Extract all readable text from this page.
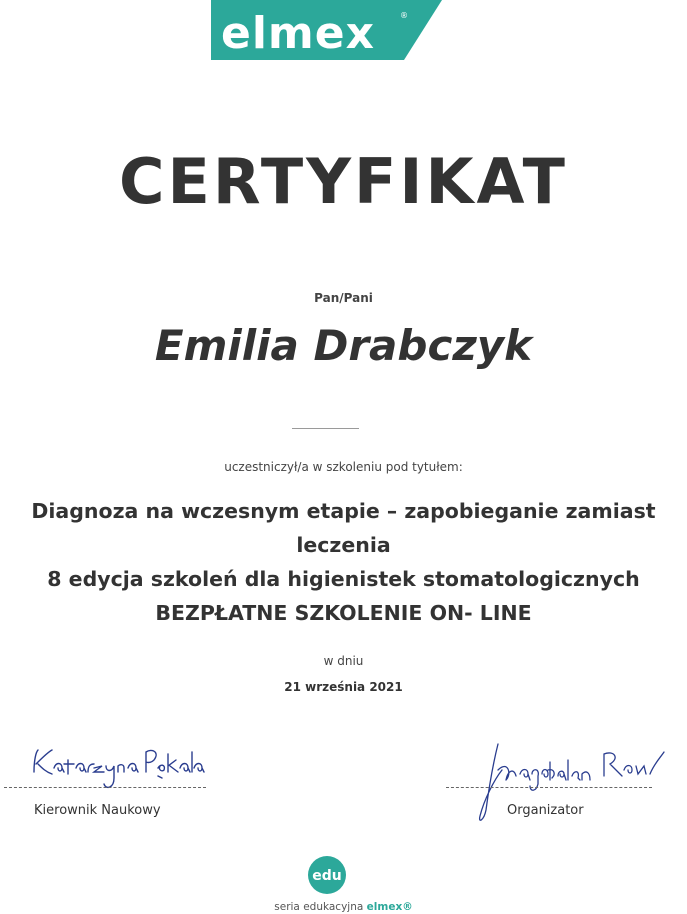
elmex	®
CERTYFIKAT
Pan/Pani
Emilia Drabczyk
uczestniczył/a w szkoleniu pod tytułem:
Diagnoza na wczesnym etapie – zapobieganie zamiast
leczenia
8 edycja szkoleń dla higienistek stomatologicznych
BEZPŁATNE SZKOLENIE ON- LINE
w dniu
21 września 2021
Kierownik Naukowy	Organizator
edu
seria edukacyjna elmex®
